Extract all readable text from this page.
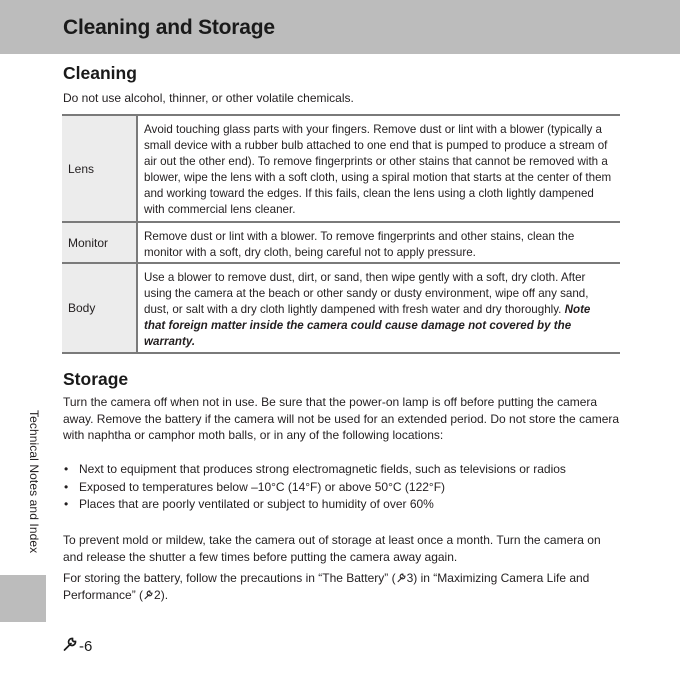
Cleaning and Storage
Cleaning
Do not use alcohol, thinner, or other volatile chemicals.
Lens
Avoid touching glass parts with your fingers. Remove dust or lint with a blower (typically a small device with a rubber bulb attached to one end that is pumped to produce a stream of air out the other end). To remove fingerprints or other stains that cannot be removed with a blower, wipe the lens with a soft cloth, using a spiral motion that starts at the center of them and working toward the edges. If this fails, clean the lens using a cloth lightly dampened with commercial lens cleaner.
Monitor	Remove dust or lint with a blower. To remove fingerprints and other stains, clean the monitor with a soft, dry cloth, being careful not to apply pressure.
Body
Use a blower to remove dust, dirt, or sand, then wipe gently with a soft, dry cloth. After using the camera at the beach or other sandy or dusty environment, wipe off any sand, dust, or salt with a dry cloth lightly dampened with fresh water and dry thoroughly. Note that foreign matter inside the camera could cause damage not covered by the warranty.
Storage
Turn the camera off when not in use. Be sure that the power-on lamp is off before putting the camera away. Remove the battery if the camera will not be used for an extended period. Do not store the camera with naphtha or camphor moth balls, or in any of the following locations:
• Next to equipment that produces strong electromagnetic fields, such as televisions or radios
• Exposed to temperatures below –10°C (14°F) or above 50°C (122°F)
• Places that are poorly ventilated or subject to humidity of over 60%
To prevent mold or mildew, take the camera out of storage at least once a month. Turn the camera on and release the shutter a few times before putting the camera away again.
For storing the battery, follow the precautions in “The Battery” ( 3) in “Maximizing Camera Life and Performance” ( 2).
Technical Notes and Index
-6
